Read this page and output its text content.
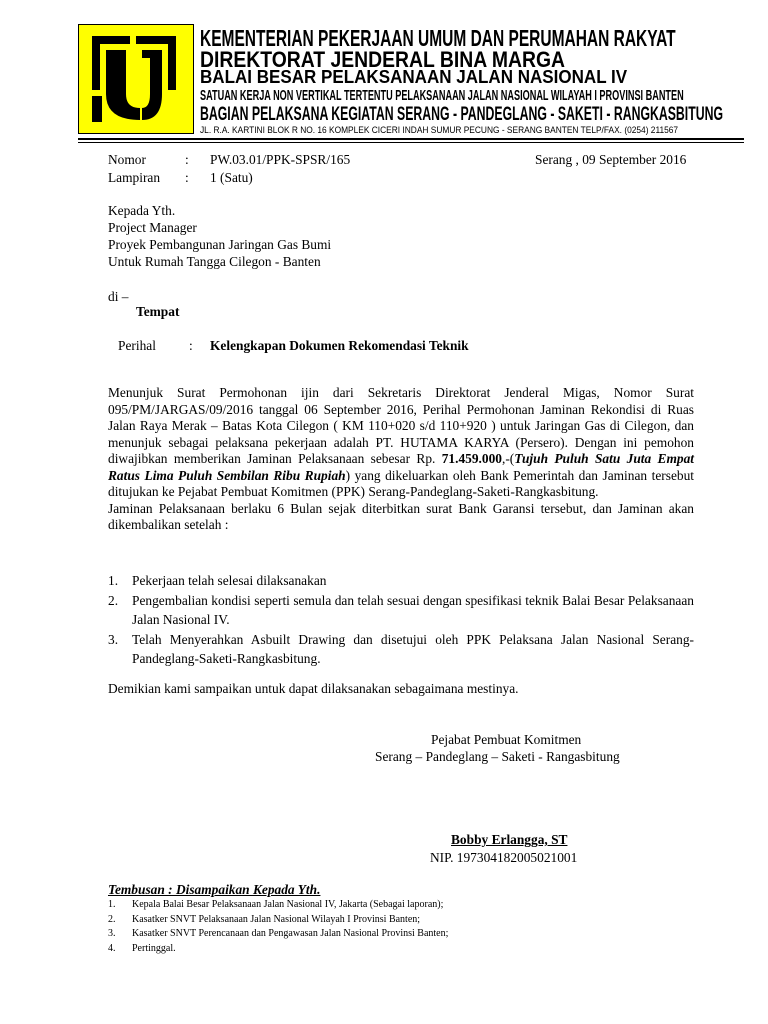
KEMENTERIAN PEKERJAAN UMUM DAN PERUMAHAN RAKYAT
DIREKTORAT JENDERAL BINA MARGA
BALAI BESAR PELAKSANAAN JALAN NASIONAL IV
SATUAN KERJA NON VERTIKAL TERTENTU PELAKSANAAN JALAN NASIONAL WILAYAH I PROVINSI BANTEN
BAGIAN PELAKSANA KEGIATAN SERANG - PANDEGLANG - SAKETI - RANGKASBITUNG
JL. R.A. KARTINI BLOK R NO. 16 KOMPLEK CICERI INDAH SUMUR PECUNG - SERANG BANTEN TELP/FAX. (0254) 211567
Nomor	: PW.03.01/PPK-SPSR/165	Serang , 09 September 2016
Lampiran : 1 (Satu)
Kepada Yth.
Project Manager
Proyek Pembangunan Jaringan Gas Bumi
Untuk Rumah Tangga Cilegon - Banten
di –
Tempat
Perihal : Kelengkapan Dokumen Rekomendasi Teknik

Menunjuk Surat Permohonan ijin dari Sekretaris Direktorat Jenderal Migas, Nomor Surat 095/PM/JARGAS/09/2016 tanggal 06 September 2016, Perihal Permohonan Jaminan Rekondisi di Ruas Jalan Raya Merak – Batas Kota Cilegon ( KM 110+020 s/d 110+920 ) untuk Jaringan Gas di Cilegon, dan menunjuk sebagai pelaksana pekerjaan adalah PT. HUTAMA KARYA (Persero). Dengan ini pemohon diwajibkan memberikan Jaminan Pelaksanaan sebesar Rp. 71.459.000,-(Tujuh Puluh Satu Juta Empat Ratus Lima Puluh Sembilan Ribu Rupiah) yang dikeluarkan oleh Bank Pemerintah dan Jaminan tersebut ditujukan ke Pejabat Pembuat Komitmen (PPK) Serang-Pandeglang-Saketi-Rangkasbitung.
Jaminan Pelaksanaan berlaku 6 Bulan sejak diterbitkan surat Bank Garansi tersebut, dan Jaminan akan dikembalikan setelah :

1. Pekerjaan telah selesai dilaksanakan
2. Pengembalian kondisi seperti semula dan telah sesuai dengan spesifikasi teknik Balai Besar Pelaksanaan Jalan Nasional IV.
3. Telah Menyerahkan Asbuilt Drawing dan disetujui oleh PPK Pelaksana Jalan Nasional Serang-Pandeglang-Saketi-Rangkasbitung.
Demikian kami sampaikan untuk dapat dilaksanakan sebagaimana mestinya.
Pejabat Pembuat Komitmen
Serang – Pandeglang – Saketi - Rangasbitung
Bobby Erlangga, ST
NIP. 197304182005021001
Tembusan : Disampaikan Kepada Yth.
1. Kepala Balai Besar Pelaksanaan Jalan Nasional IV, Jakarta (Sebagai laporan);
2. Kasatker SNVT Pelaksanaan Jalan Nasional Wilayah I Provinsi Banten;
3. Kasatker SNVT Perencanaan dan Pengawasan Jalan Nasional Provinsi Banten;
4. Pertinggal.
